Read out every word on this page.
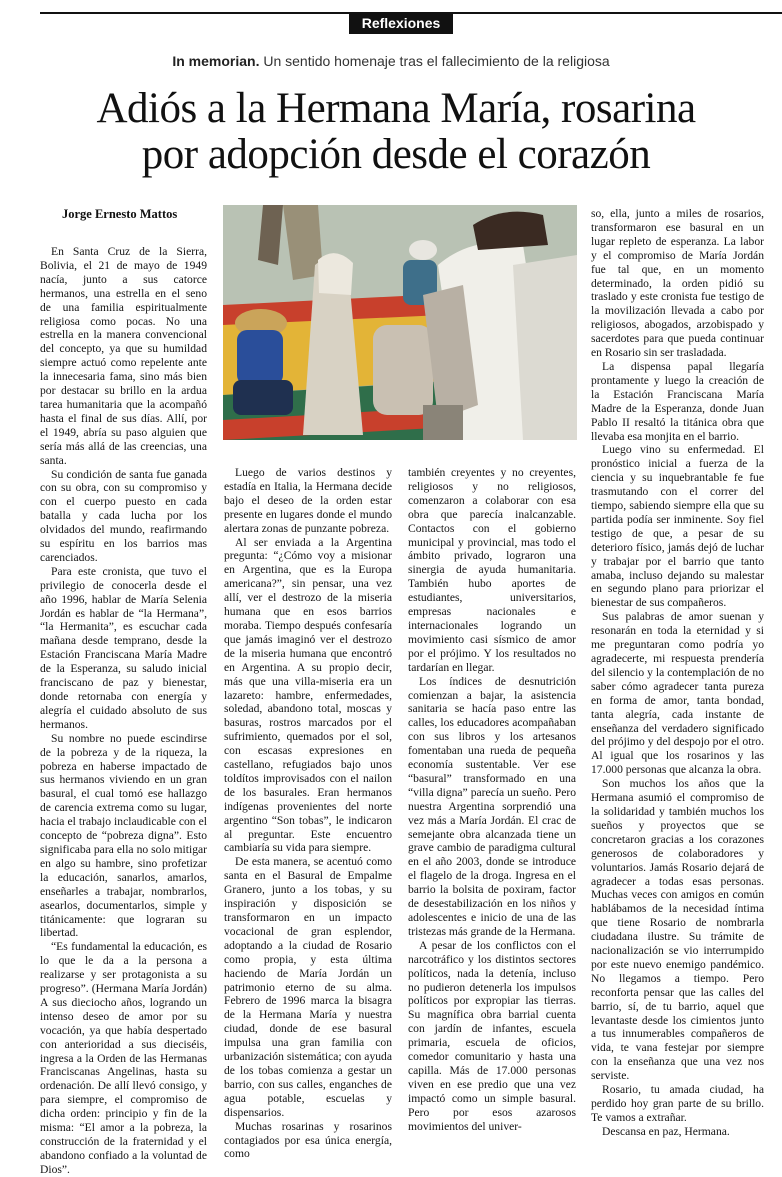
Reflexiones
In memorian. Un sentido homenaje tras el fallecimiento de la religiosa
Adiós a la Hermana María, rosarina
por adopción desde el corazón
Jorge Ernesto Mattos

En Santa Cruz de la Sierra, Bolivia, el 21 de mayo de 1949 nacía, junto a sus catorce hermanos, una estrella en el seno de una familia espiritualmente religiosa como pocas. No una estrella en la manera convencional del concepto, ya que su humildad siempre actuó como repelente ante la innecesaria fama, sino más bien por destacar su brillo en la ardua tarea humanitaria que la acompañó hasta el final de sus días. Allí, por el 1949, abría su paso alguien que sería más allá de las creencias, una santa.

Su condición de santa fue ganada con su obra, con su compromiso y con el cuerpo puesto en cada batalla y cada lucha por los olvidados del mundo, reafirmando su espíritu en los barrios mas carenciados.

Para este cronista, que tuvo el privilegio de conocerla desde el año 1996, hablar de María Selenia Jordán es hablar de “la Hermana”, “la Hermanita”, es escuchar cada mañana desde temprano, desde la Estación Franciscana María Madre de la Esperanza, su saludo inicial franciscano de paz y bienestar, donde retornaba con energía y alegría el cuidado absoluto de sus hermanos.

Su nombre no puede escindirse de la pobreza y de la riqueza, la pobreza en haberse impactado de sus hermanos viviendo en un gran basural, el cual tomó ese hallazgo de carencia extrema como su lugar, hacia el trabajo inclaudicable con el concepto de “pobreza digna”. Esto significaba para ella no solo mitigar en algo su hambre, sino profetizar la educación, sanarlos, amarlos, enseñarles a trabajar, nombrarlos, asearlos, documentarlos, simple y titánicamente: que lograran su libertad.

“Es fundamental la educación, es lo que le da a la persona a realizarse y ser protagonista a su progreso”. (Hermana María Jordán) A sus dieciocho años, logrando un intenso deseo de amor por su vocación, ya que había despertado con anterioridad a sus dieciséis, ingresa a la Orden de las Hermanas Franciscanas Angelinas, hasta su ordenación. De allí llevó consigo, y para siempre, el compromiso de dicha orden: principio y fin de la misma: “El amor a la pobreza, la construcción de la fraternidad y el abandono confiado a la voluntad de Dios”.

Luego de varios destinos y estadía en Italia, la Hermana decide bajo el deseo de la orden estar presente en lugares donde el mundo alertara zonas de punzante pobreza.

Al ser enviada a la Argentina pregunta: “¿Cómo voy a misionar en Argentina, que es la Europa americana?”, sin pensar, una vez allí, ver el destrozo de la miseria humana que en esos barrios moraba. Tiempo después confesaría que jamás imaginó ver el destrozo de la miseria humana que encontró en Argentina. A su propio decir, más que una villa-miseria era un lazareto: hambre, enfermedades, soledad, abandono total, moscas y basuras, rostros marcados por el sufrimiento, quemados por el sol, con escasas expresiones en castellano, refugiados bajo unos toldítos improvisados con el nailon de los basurales. Eran hermanos indígenas provenientes del norte argentino “Son tobas”, le indicaron al preguntar. Este encuentro cambiaría su vida para siempre.

De esta manera, se acentuó como santa en el Basural de Empalme Granero, junto a los tobas, y su inspiración y disposición se transformaron en un impacto vocacional de gran esplendor, adoptando a la ciudad de Rosario como propia, y esta última haciendo de María Jordán un patrimonio eterno de su alma. Febrero de 1996 marca la bisagra de la Hermana María y nuestra ciudad, donde de ese basural impulsa una gran familia con urbanización sistemática; con ayuda de los tobas comienza a gestar un barrio, con sus calles, enganches de agua potable, escuelas y dispensarios.

Muchas rosarinas y rosarinos contagiados por esa única energía, como

también creyentes y no creyentes, religiosos y no religiosos, comenzaron a colaborar con esa obra que parecía inalcanzable. Contactos con el gobierno municipal y provincial, mas todo el ámbito privado, lograron una sinergia de ayuda humanitaria. También hubo aportes de estudiantes, universitarios, empresas nacionales e internacionales logrando un movimiento casi sísmico de amor por el prójimo. Y los resultados no tardarían en llegar.

Los índices de desnutrición comienzan a bajar, la asistencia sanitaria se hacía paso entre las calles, los educadores acompañaban con sus libros y los artesanos fomentaban una rueda de pequeña economía sustentable. Ver ese “basural” transformado en una “villa digna” parecía un sueño. Pero nuestra Argentina sorprendió una vez más a María Jordán. El crac de semejante obra alcanzada tiene un grave cambio de paradigma cultural en el año 2003, donde se introduce el flagelo de la droga. Ingresa en el barrio la bolsita de poxiram, factor de desestabilización en los niños y adolescentes e inicio de una de las tristezas más grande de la Hermana.

A pesar de los conflictos con el narcotráfico y los distintos sectores políticos, nada la detenía, incluso no pudieron detenerla los impulsos políticos por expropiar las tierras. Su magnífica obra barrial cuenta con jardín de infantes, escuela primaria, escuela de oficios, comedor comunitario y hasta una capilla. Más de 17.000 personas viven en ese predio que una vez impactó como un simple basural. Pero por esos azarosos movimientos del univer-

so, ella, junto a miles de rosarios, transformaron ese basural en un lugar repleto de esperanza. La labor y el compromiso de María Jordán fue tal que, en un momento determinado, la orden pidió su traslado y este cronista fue testigo de la movilización llevada a cabo por religiosos, abogados, arzobispado y sacerdotes para que pueda continuar en Rosario sin ser trasladada.

La dispensa papal llegaría prontamente y luego la creación de la Estación Franciscana María Madre de la Esperanza, donde Juan Pablo II resaltó la titánica obra que llevaba esa monjita en el barrio.

Luego vino su enfermedad. El pronóstico inicial a fuerza de la ciencia y su inquebrantable fe fue trasmutando con el correr del tiempo, sabiendo siempre ella que su partida podía ser inminente. Soy fiel testigo de que, a pesar de su deterioro físico, jamás dejó de luchar y trabajar por el barrio que tanto amaba, incluso dejando su malestar en segundo plano para priorizar el bienestar de sus compañeros.

Sus palabras de amor suenan y resonarán en toda la eternidad y si me preguntaran como podría yo agradecerte, mi respuesta prendería del silencio y la contemplación de no saber cómo agradecer tanta pureza en forma de amor, tanta bondad, tanta alegría, cada instante de enseñanza del verdadero significado del prójimo y del despojo por el otro. Al igual que los rosarinos y las 17.000 personas que alcanza la obra.

Son muchos los años que la Hermana asumió el compromiso de la solidaridad y también muchos los sueños y proyectos que se concretaron gracias a los corazones generosos de colaboradores y voluntarios. Jamás Rosario dejará de agradecer a todas esas personas. Muchas veces con amigos en común hablábamos de la necesidad íntima que tiene Rosario de nombrarla ciudadana ilustre. Su trámite de nacionalización se vio interrumpido por este nuevo enemigo pandémico. No llegamos a tiempo. Pero reconforta pensar que las calles del barrio, sí, de tu barrio, aquel que levantaste desde los cimientos junto a tus innumerables compañeros de vida, te vana festejar por siempre con la enseñanza que una vez nos serviste.

Rosario, tu amada ciudad, ha perdido hoy gran parte de su brillo. Te vamos a extrañar.

Descansa en paz, Hermana.
